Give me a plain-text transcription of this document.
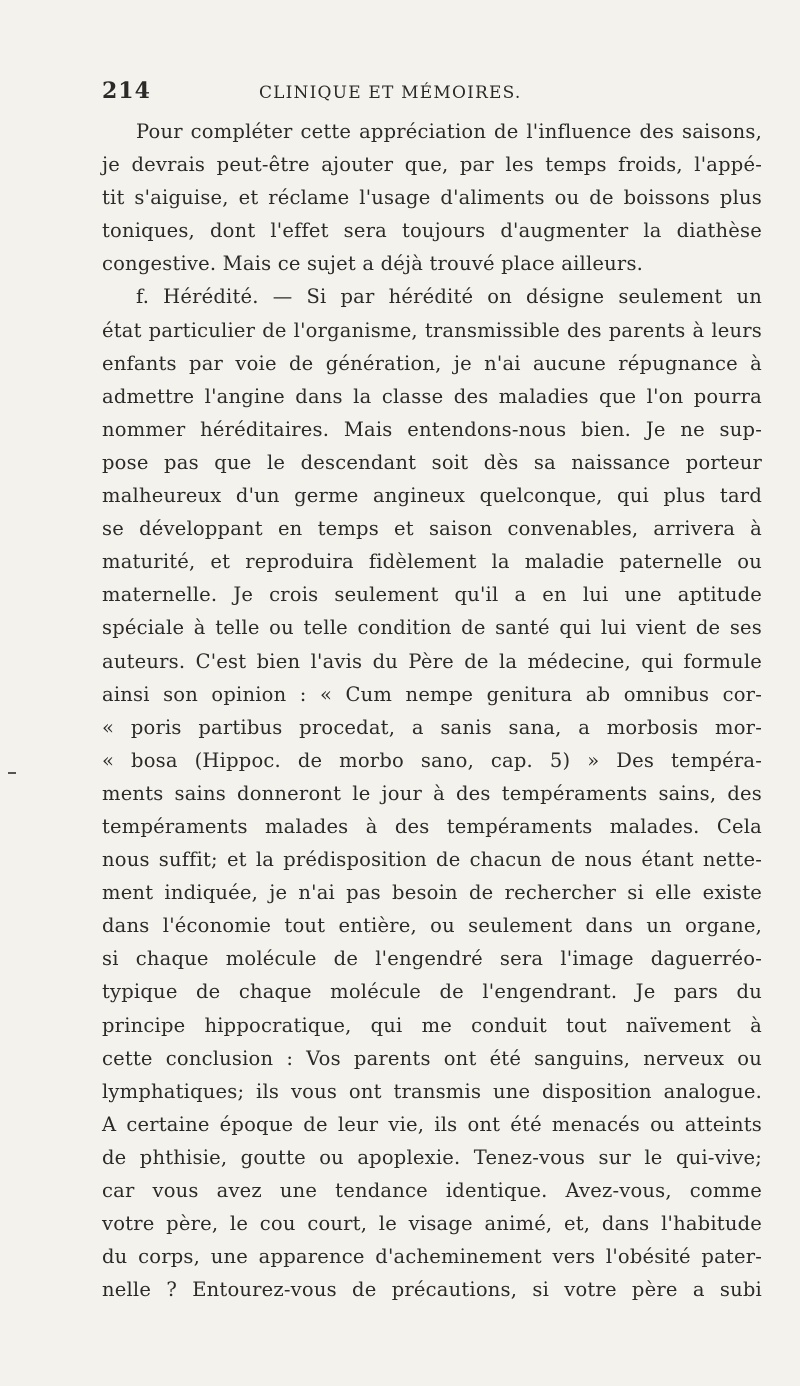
214	CLINIQUE ET MÉMOIRES.
Pour compléter cette appréciation de l'influence des saisons,
je devrais peut-être ajouter que, par les temps froids, l'appé-
tit s'aiguise, et réclame l'usage d'aliments ou de boissons plus
toniques, dont l'effet sera toujours d'augmenter la diathèse
congestive. Mais ce sujet a déjà trouvé place ailleurs.
f. Hérédité. — Si par hérédité on désigne seulement un
état particulier de l'organisme, transmissible des parents à leurs
enfants par voie de génération, je n'ai aucune répugnance à
admettre l'angine dans la classe des maladies que l'on pourra
nommer héréditaires. Mais entendons-nous bien. Je ne sup-
pose pas que le descendant soit dès sa naissance porteur
malheureux d'un germe angineux quelconque, qui plus tard
se développant en temps et saison convenables, arrivera à
maturité, et reproduira fidèlement la maladie paternelle ou
maternelle. Je crois seulement qu'il a en lui une aptitude
spéciale à telle ou telle condition de santé qui lui vient de ses
auteurs. C'est bien l'avis du Père de la médecine, qui formule
ainsi son opinion : « Cum nempe genitura ab omnibus cor-
« poris partibus procedat, a sanis sana, a morbosis mor-
« bosa (Hippoc. de morbo sano, cap. 5) » Des tempéra-
ments sains donneront le jour à des tempéraments sains, des
tempéraments malades à des tempéraments malades. Cela
nous suffit; et la prédisposition de chacun de nous étant nette-
ment indiquée, je n'ai pas besoin de rechercher si elle existe
dans l'économie tout entière, ou seulement dans un organe,
si chaque molécule de l'engendré sera l'image daguerréo-
typique de chaque molécule de l'engendrant. Je pars du
principe hippocratique, qui me conduit tout naïvement à
cette conclusion : Vos parents ont été sanguins, nerveux ou
lymphatiques; ils vous ont transmis une disposition analogue.
A certaine époque de leur vie, ils ont été menacés ou atteints
de phthisie, goutte ou apoplexie. Tenez-vous sur le qui-vive;
car vous avez une tendance identique. Avez-vous, comme
votre père, le cou court, le visage animé, et, dans l'habitude
du corps, une apparence d'acheminement vers l'obésité pater-
nelle ? Entourez-vous de précautions, si votre père a subi
